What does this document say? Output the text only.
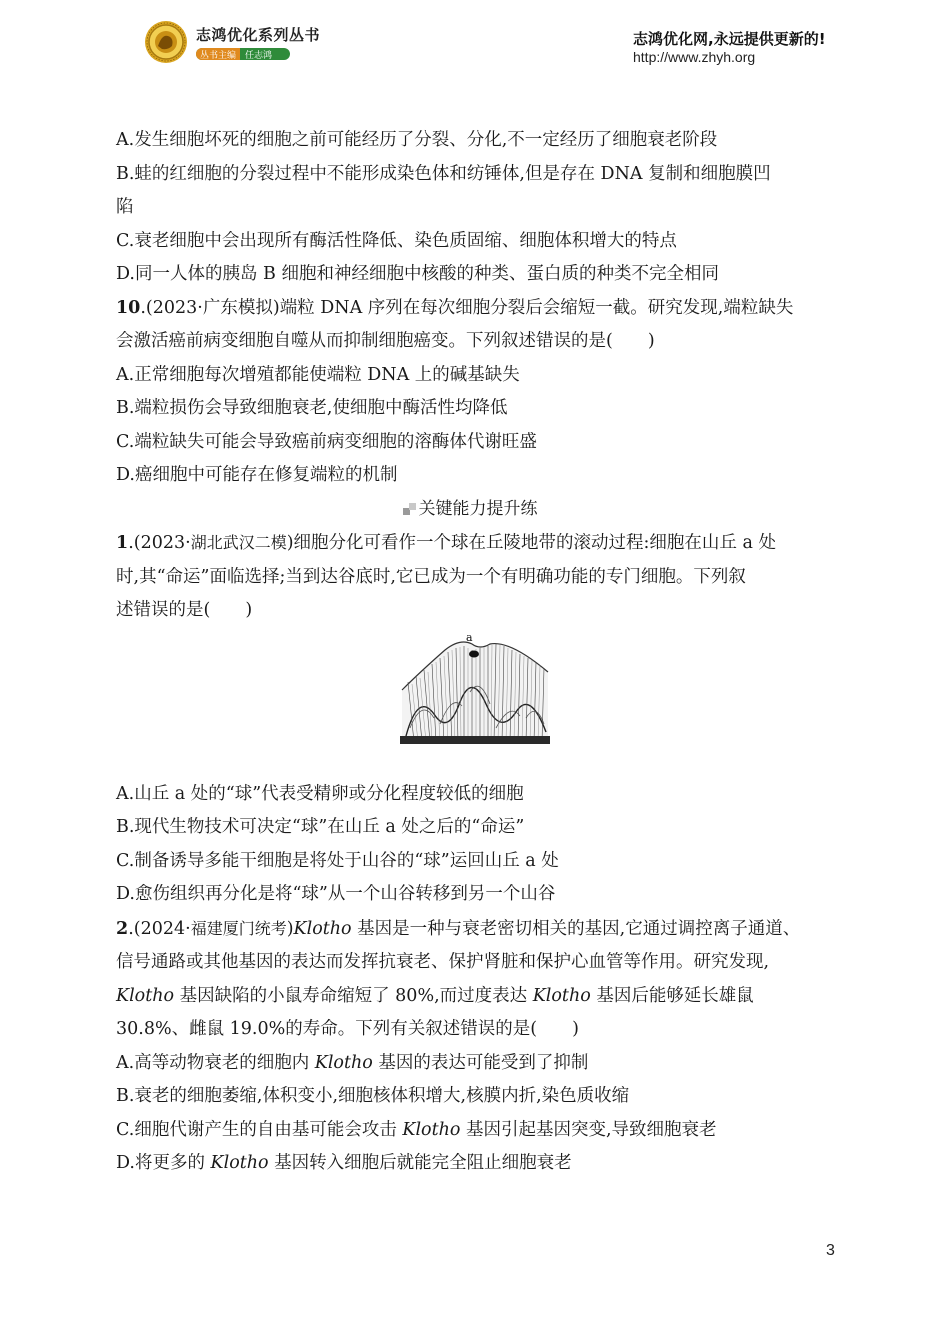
志鸿优化系列丛书
丛书主编	任志鸿
志鸿优化网,永远提供更新的!
http://www.zhyh.org
A.发生细胞坏死的细胞之前可能经历了分裂、分化,不一定经历了细胞衰老阶段
B.蛙的红细胞的分裂过程中不能形成染色体和纺锤体,但是存在 DNA 复制和细胞膜凹
陷
C.衰老细胞中会出现所有酶活性降低、染色质固缩、细胞体积增大的特点
D.同一人体的胰岛 B 细胞和神经细胞中核酸的种类、蛋白质的种类不完全相同
10.(2023·广东模拟)端粒 DNA 序列在每次细胞分裂后会缩短一截。研究发现,端粒缺失
会激活癌前病变细胞自噬从而抑制细胞癌变。下列叙述错误的是(　　)
A.正常细胞每次增殖都能使端粒 DNA 上的碱基缺失
B.端粒损伤会导致细胞衰老,使细胞中酶活性均降低
C.端粒缺失可能会导致癌前病变细胞的溶酶体代谢旺盛
D.癌细胞中可能存在修复端粒的机制
关键能力提升练
1.(2023·湖北武汉二模)细胞分化可看作一个球在丘陵地带的滚动过程:细胞在山丘 a 处
时,其“命运”面临选择;当到达谷底时,它已成为一个有明确功能的专门细胞。下列叙
述错误的是(　　)
a
A.山丘 a 处的“球”代表受精卵或分化程度较低的细胞
B.现代生物技术可决定“球”在山丘 a 处之后的“命运”
C.制备诱导多能干细胞是将处于山谷的“球”运回山丘 a 处
D.愈伤组织再分化是将“球”从一个山谷转移到另一个山谷
2.(2024·福建厦门统考)Klotho 基因是一种与衰老密切相关的基因,它通过调控离子通道、
信号通路或其他基因的表达而发挥抗衰老、保护肾脏和保护心血管等作用。研究发现,
Klotho 基因缺陷的小鼠寿命缩短了 80%,而过度表达 Klotho 基因后能够延长雄鼠
30.8%、雌鼠 19.0%的寿命。下列有关叙述错误的是(　　)
A.高等动物衰老的细胞内 Klotho 基因的表达可能受到了抑制
B.衰老的细胞萎缩,体积变小,细胞核体积增大,核膜内折,染色质收缩
C.细胞代谢产生的自由基可能会攻击 Klotho 基因引起基因突变,导致细胞衰老
D.将更多的 Klotho 基因转入细胞后就能完全阻止细胞衰老
3
